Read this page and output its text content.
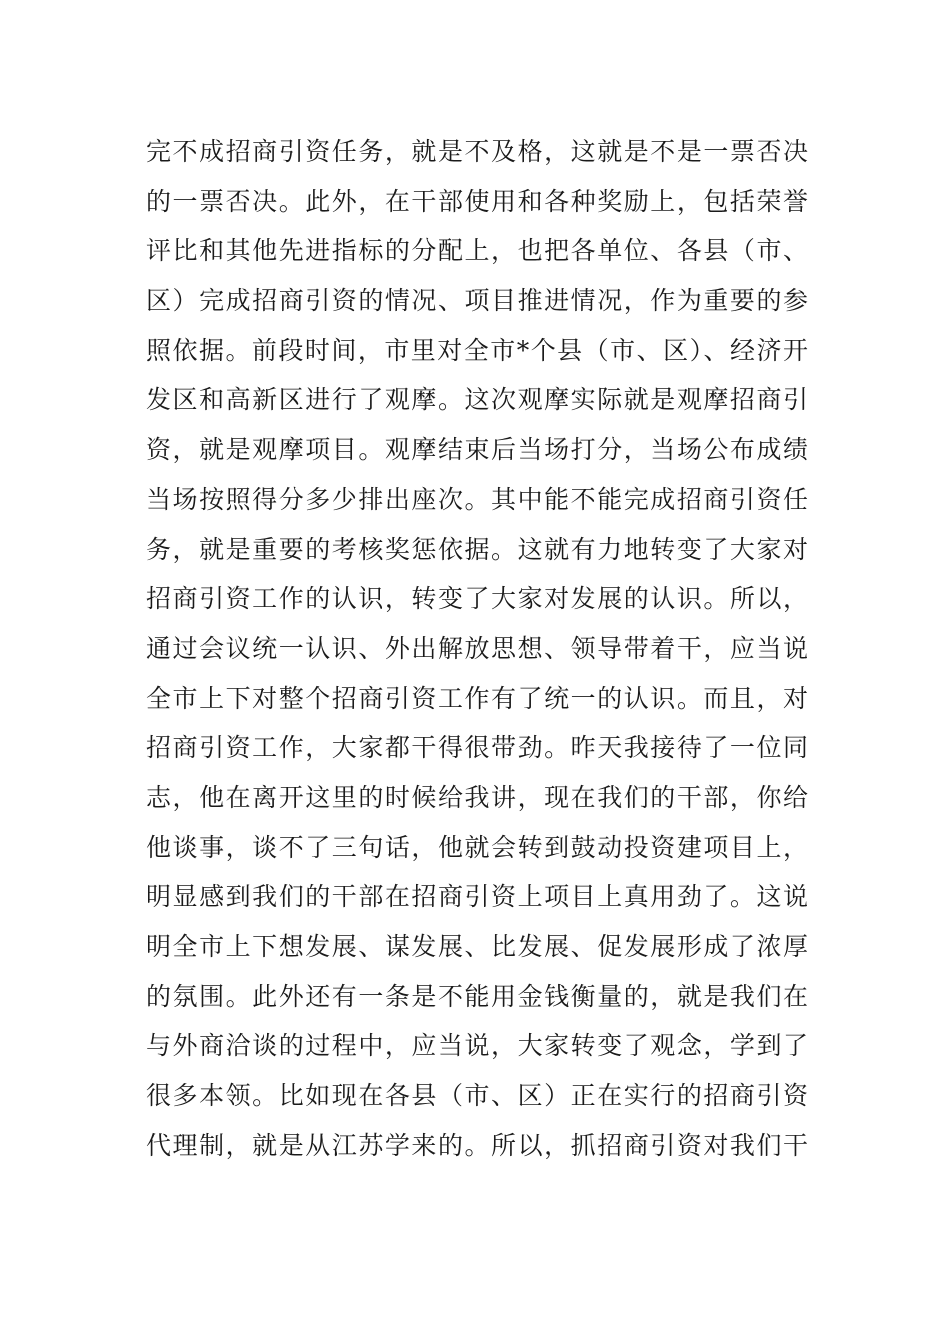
完不成招商引资任务，就是不及格，这就是不是一票否决
的一票否决。此外，在干部使用和各种奖励上，包括荣誉
评比和其他先进指标的分配上，也把各单位、各县（市、
区）完成招商引资的情况、项目推进情况，作为重要的参
照依据。前段时间，市里对全市*个县（市、区）、经济开
发区和高新区进行了观摩。这次观摩实际就是观摩招商引
资，就是观摩项目。观摩结束后当场打分，当场公布成绩
当场按照得分多少排出座次。其中能不能完成招商引资任
务，就是重要的考核奖惩依据。这就有力地转变了大家对
招商引资工作的认识，转变了大家对发展的认识。所以，
通过会议统一认识、外出解放思想、领导带着干，应当说
全市上下对整个招商引资工作有了统一的认识。而且，对
招商引资工作，大家都干得很带劲。昨天我接待了一位同
志，他在离开这里的时候给我讲，现在我们的干部，你给
他谈事，谈不了三句话，他就会转到鼓动投资建项目上，
明显感到我们的干部在招商引资上项目上真用劲了。这说
明全市上下想发展、谋发展、比发展、促发展形成了浓厚
的氛围。此外还有一条是不能用金钱衡量的，就是我们在
与外商洽谈的过程中，应当说，大家转变了观念，学到了
很多本领。比如现在各县（市、区）正在实行的招商引资
代理制，就是从江苏学来的。所以，抓招商引资对我们干
